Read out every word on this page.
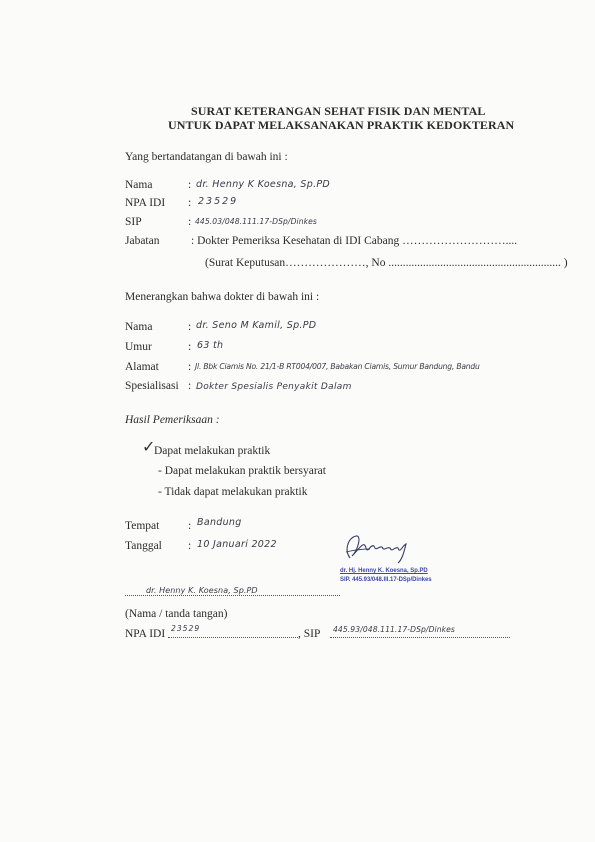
SURAT KETERANGAN SEHAT FISIK DAN MENTAL
UNTUK DAPAT MELAKSANAKAN PRAKTIK KEDOKTERAN
Yang bertandatangan di bawah ini :
Nama	: dr. Henny K Koesna, Sp.PD
NPA IDI : 23529
SIP	: 445.03/048.111.17-DSp/Dinkes
Jabatan	: Dokter Pemeriksa Kesehatan di IDI Cabang ………………………....
(Surat Keputusan…………………, No ............................................................ )
Menerangkan bahwa dokter di bawah ini :
Nama	: dr. Seno M Kamil, Sp.PD
Umur	: 63 th
Alamat	: Jl. Bbk Ciamis No. 21/1-B RT004/007, Babakan Ciamis, Sumur Bandung, Bandu
Spesialisasi : Dokter Spesialis Penyakit Dalam
Hasil Pemeriksaan :
✓
Dapat melakukan praktik
- Dapat melakukan praktik bersyarat
- Tidak dapat melakukan praktik
Tempat : Bandung
Tanggal : 10 Januari 2022
dr. Hj. Henny K. Koesna, Sp.PD
SIP. 445.93/048.III.17-DSp/Dinkes
dr. Henny K. Koesna, Sp.PD
(Nama / tanda tangan)
NPA IDI 23529	, SIP 445.93/048.111.17-DSp/Dinkes
